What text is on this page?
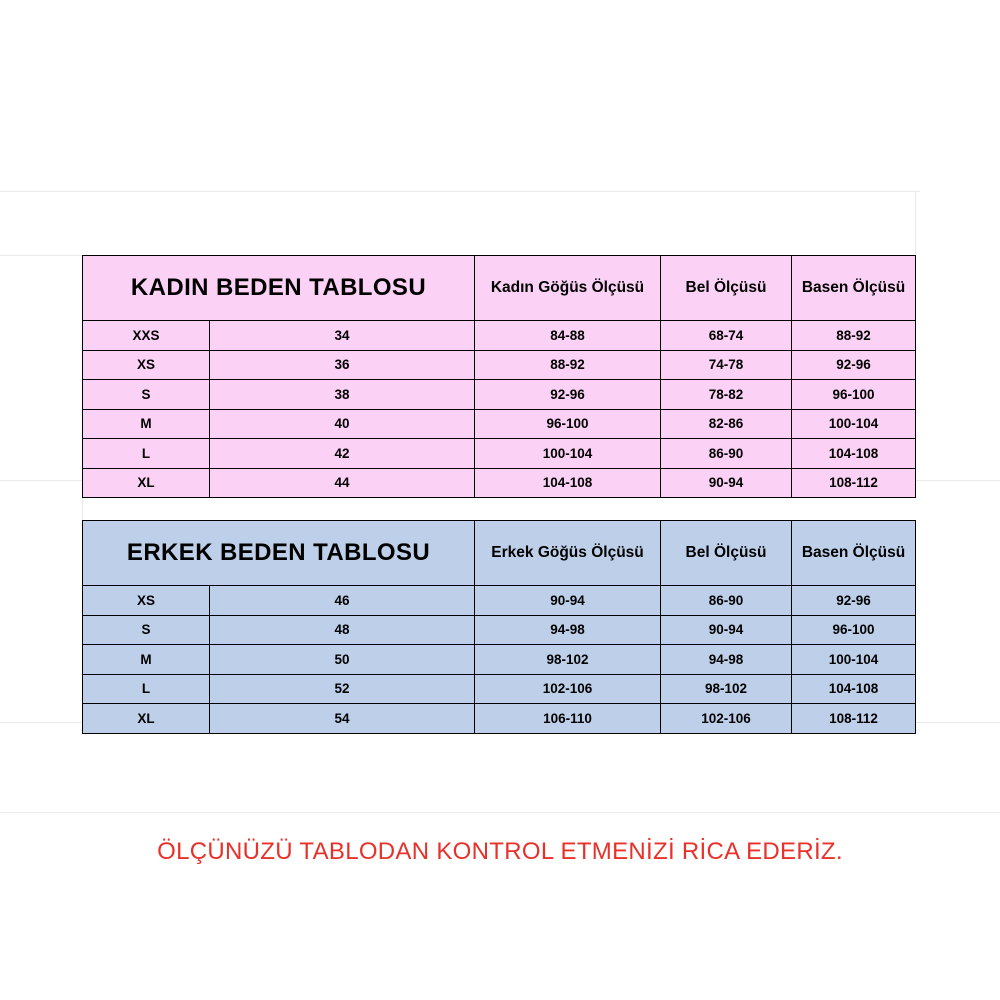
KADIN BEDEN TABLOSU		Kadın Göğüs Ölçüsü	Bel Ölçüsü	Basen Ölçüsü
XXS	34	84-88	68-74	88-92
XS	36	88-92	74-78	92-96
S	38	92-96	78-82	96-100
M	40	96-100	82-86	100-104
L	42	100-104	86-90	104-108
XL	44	104-108	90-94	108-112
ERKEK BEDEN TABLOSU		Erkek Göğüs Ölçüsü	Bel Ölçüsü	Basen Ölçüsü
XS	46	90-94	86-90	92-96
S	48	94-98	90-94	96-100
M	50	98-102	94-98	100-104
L	52	102-106	98-102	104-108
XL	54	106-110	102-106	108-112
ÖLÇÜNÜZÜ TABLODAN KONTROL ETMENİZİ RİCA EDERİZ.
